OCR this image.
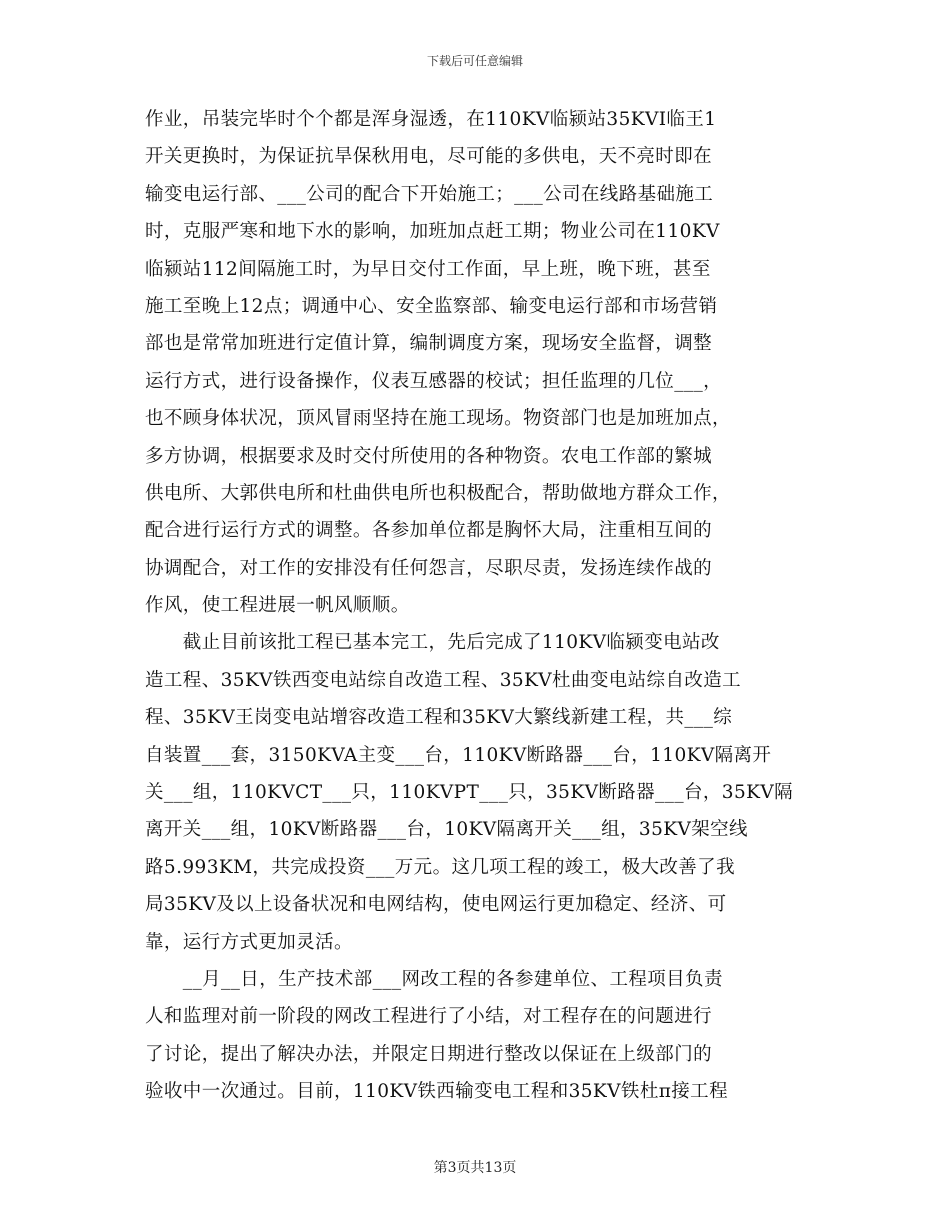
下载后可任意编辑
作业，吊装完毕时个个都是浑身湿透，在110KV临颍站35KVⅠ临王1
开关更换时，为保证抗旱保秋用电，尽可能的多供电，天不亮时即在
输变电运行部、___公司的配合下开始施工；___公司在线路基础施工
时，克服严寒和地下水的影响，加班加点赶工期；物业公司在110KV
临颍站112间隔施工时，为早日交付工作面，早上班，晚下班，甚至
施工至晚上12点；调通中心、安全监察部、输变电运行部和市场营销
部也是常常加班进行定值计算，编制调度方案，现场安全监督，调整
运行方式，进行设备操作，仪表互感器的校试；担任监理的几位___，
也不顾身体状况，顶风冒雨坚持在施工现场。物资部门也是加班加点，
多方协调，根据要求及时交付所使用的各种物资。农电工作部的繁城
供电所、大郭供电所和杜曲供电所也积极配合，帮助做地方群众工作，
配合进行运行方式的调整。各参加单位都是胸怀大局，注重相互间的
协调配合，对工作的安排没有任何怨言，尽职尽责，发扬连续作战的
作风，使工程进展一帆风顺顺。
　　截止目前该批工程已基本完工，先后完成了110KV临颍变电站改
造工程、35KV铁西变电站综自改造工程、35KV杜曲变电站综自改造工
程、35KV王岗变电站增容改造工程和35KV大繁线新建工程，共___综
自装置___套，3150KVA主变___台，110KV断路器___台，110KV隔离开
关___组，110KVCT___只，110KVPT___只，35KV断路器___台，35KV隔
离开关___组，10KV断路器___台，10KV隔离开关___组，35KV架空线
路5.993KM，共完成投资___万元。这几项工程的竣工，极大改善了我
局35KV及以上设备状况和电网结构，使电网运行更加稳定、经济、可
靠，运行方式更加灵活。
　　__月__日，生产技术部___网改工程的各参建单位、工程项目负责
人和监理对前一阶段的网改工程进行了小结，对工程存在的问题进行
了讨论，提出了解决办法，并限定日期进行整改以保证在上级部门的
验收中一次通过。目前，110KV铁西输变电工程和35KV铁杜π接工程
第3页共13页
